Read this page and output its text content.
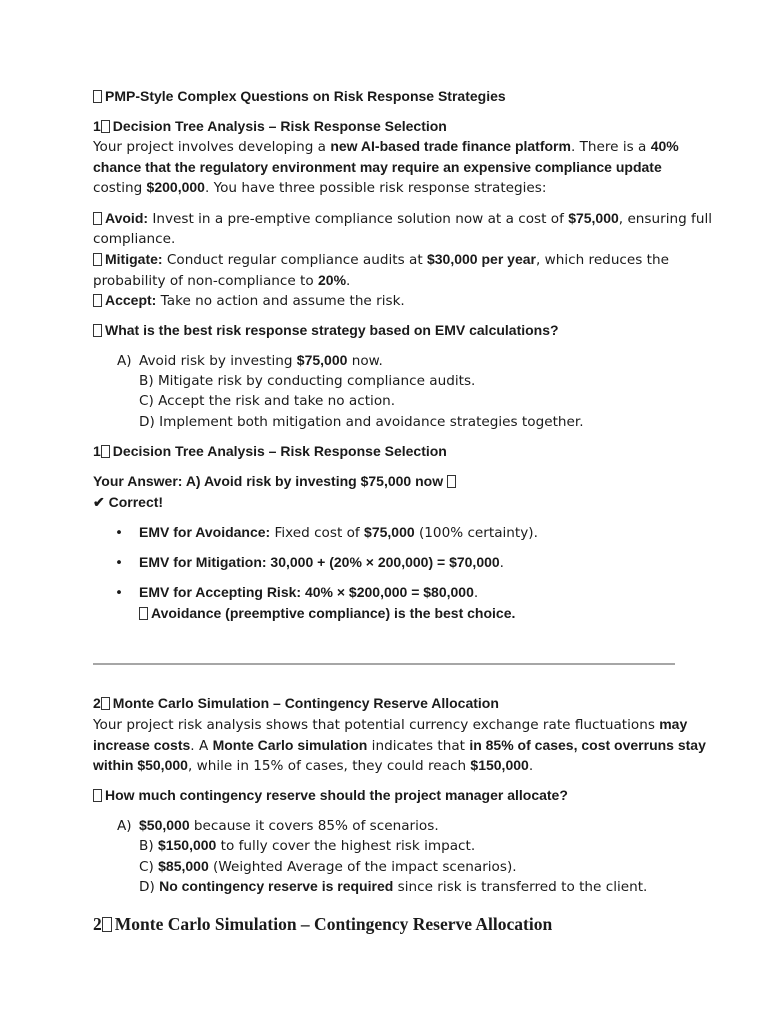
PMP-Style Complex Questions on Risk Response Strategies
1 Decision Tree Analysis – Risk Response Selection
Your project involves developing a new AI-based trade finance platform. There is a 40%
chance that the regulatory environment may require an expensive compliance update
costing $200,000. You have three possible risk response strategies:
Avoid: Invest in a pre-emptive compliance solution now at a cost of $75,000, ensuring full
compliance.
Mitigate: Conduct regular compliance audits at $30,000 per year, which reduces the
probability of non-compliance to 20%.
Accept: Take no action and assume the risk.
What is the best risk response strategy based on EMV calculations?
A) Avoid risk by investing $75,000 now.
B) Mitigate risk by conducting compliance audits.
C) Accept the risk and take no action.
D) Implement both mitigation and avoidance strategies together.
1 Decision Tree Analysis – Risk Response Selection
Your Answer: A) Avoid risk by investing $75,000 now
✔ Correct!
• EMV for Avoidance: Fixed cost of $75,000 (100% certainty).
• EMV for Mitigation: 30,000 + (20% × 200,000) = $70,000.
• EMV for Accepting Risk: 40% × $200,000 = $80,000.
Avoidance (preemptive compliance) is the best choice.
2 Monte Carlo Simulation – Contingency Reserve Allocation
Your project risk analysis shows that potential currency exchange rate fluctuations may
increase costs. A Monte Carlo simulation indicates that in 85% of cases, cost overruns stay
within $50,000, while in 15% of cases, they could reach $150,000.
How much contingency reserve should the project manager allocate?
A) $50,000 because it covers 85% of scenarios.
B) $150,000 to fully cover the highest risk impact.
C) $85,000 (Weighted Average of the impact scenarios).
D) No contingency reserve is required since risk is transferred to the client.
2 Monte Carlo Simulation – Contingency Reserve Allocation
